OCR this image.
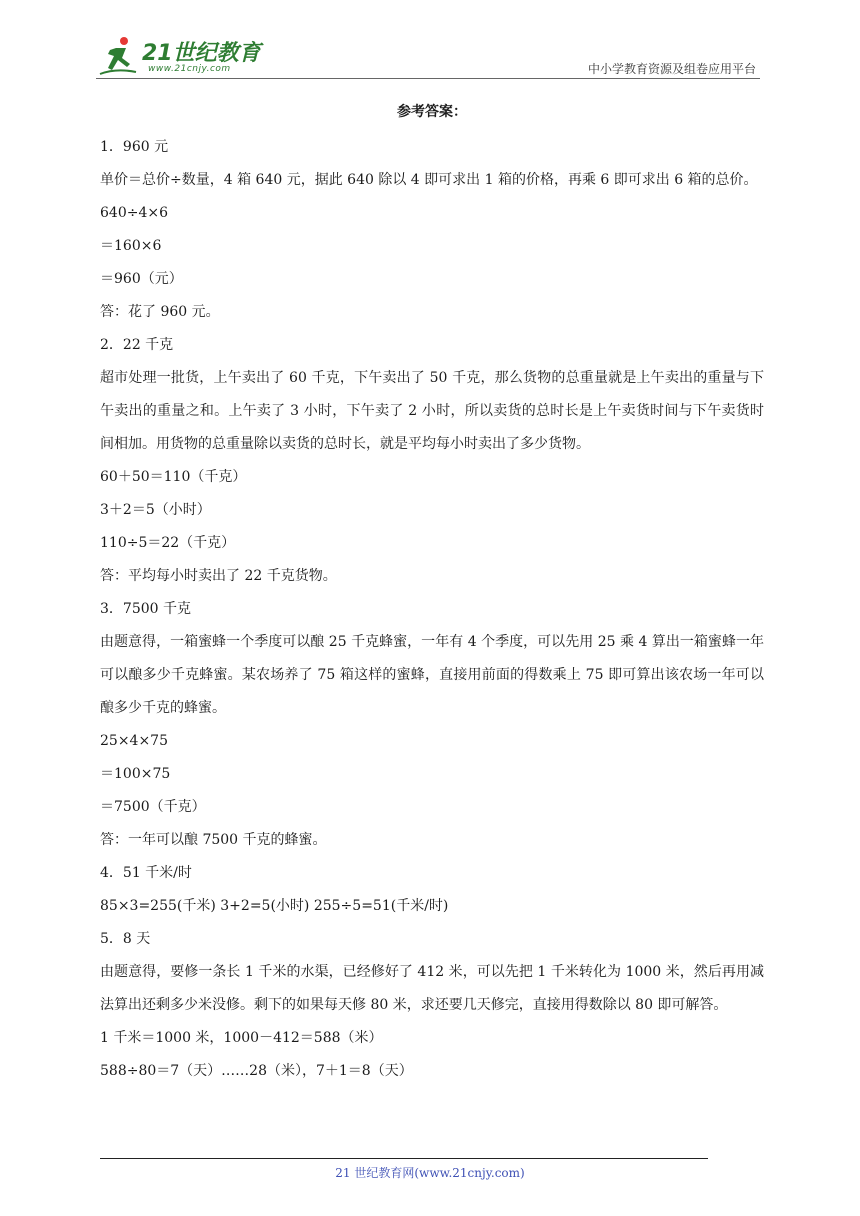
21世纪教育
www.21cnjy.com	中小学教育资源及组卷应用平台

参考答案：

1．960 元

单价＝总价÷数量，4 箱 640 元，据此 640 除以 4 即可求出 1 箱的价格，再乘 6 即可求出 6 箱的总价。

640÷4×6

＝160×6

＝960（元）

答：花了 960 元。

2．22 千克

超市处理一批货，上午卖出了 60 千克，下午卖出了 50 千克，那么货物的总重量就是上午卖出的重量与下午卖出的重量之和。上午卖了 3 小时，下午卖了 2 小时，所以卖货的总时长是上午卖货时间与下午卖货时间相加。用货物的总重量除以卖货的总时长，就是平均每小时卖出了多少货物。

60＋50＝110（千克）

3＋2＝5（小时）

110÷5＝22（千克）

答：平均每小时卖出了 22 千克货物。

3．7500 千克

由题意得，一箱蜜蜂一个季度可以酿 25 千克蜂蜜，一年有 4 个季度，可以先用 25 乘 4 算出一箱蜜蜂一年可以酿多少千克蜂蜜。某农场养了 75 箱这样的蜜蜂，直接用前面的得数乘上 75 即可算出该农场一年可以酿多少千克的蜂蜜。

25×4×75

＝100×75

＝7500（千克）

答：一年可以酿 7500 千克的蜂蜜。

4．51 千米/时

85×3=255(千米) 3+2=5(小时) 255÷5=51(千米/时)

5．8 天

由题意得，要修一条长 1 千米的水渠，已经修好了 412 米，可以先把 1 千米转化为 1000 米，然后再用减法算出还剩多少米没修。剩下的如果每天修 80 米，求还要几天修完，直接用得数除以 80 即可解答。

1 千米＝1000 米，1000－412＝588（米）

588÷80＝7（天）……28（米），7＋1＝8（天）

21 世纪教育网(www.21cnjy.com)
